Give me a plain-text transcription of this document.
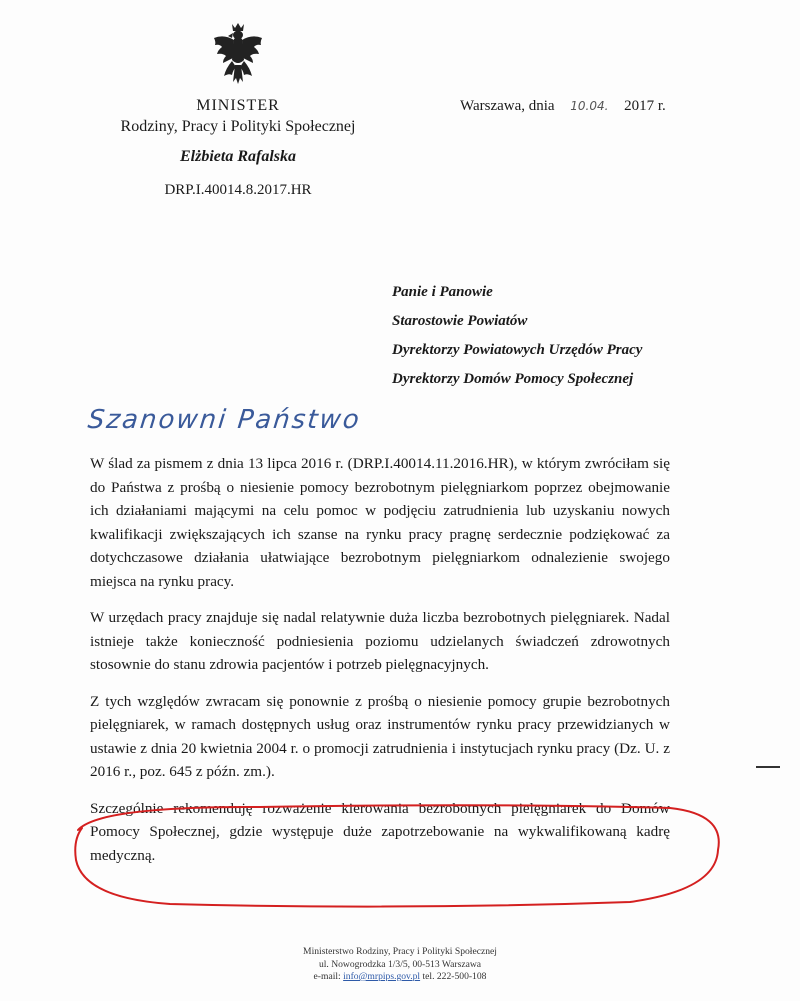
MINISTER
Rodziny, Pracy i Polityki Społecznej
Elżbieta Rafalska
DRP.I.40014.8.2017.HR
Warszawa, dnia 10.04. 2017 r.
Panie i Panowie
Starostowie Powiatów
Dyrektorzy Powiatowych Urzędów Pracy
Dyrektorzy Domów Pomocy Społecznej
Szanowni Państwo

W ślad za pismem z dnia 13 lipca 2016 r. (DRP.I.40014.11.2016.HR), w którym zwróciłam się do Państwa z prośbą o niesienie pomocy bezrobotnym pielęgniarkom poprzez obejmowanie ich działaniami mającymi na celu pomoc w podjęciu zatrudnienia lub uzyskaniu nowych kwalifikacji zwiększających ich szanse na rynku pracy pragnę serdecznie podziękować za dotychczasowe działania ułatwiające bezrobotnym pielęgniarkom odnalezienie swojego miejsca na rynku pracy.

W urzędach pracy znajduje się nadal relatywnie duża liczba bezrobotnych pielęgniarek. Nadal istnieje także konieczność podniesienia poziomu udzielanych świadczeń zdrowotnych stosownie do stanu zdrowia pacjentów i potrzeb pielęgnacyjnych.

Z tych względów zwracam się ponownie z prośbą o niesienie pomocy grupie bezrobotnych pielęgniarek, w ramach dostępnych usług oraz instrumentów rynku pracy przewidzianych w ustawie z dnia 20 kwietnia 2004 r. o promocji zatrudnienia i instytucjach rynku pracy (Dz. U. z 2016 r., poz. 645 z późn. zm.).

Szczególnie rekomenduję rozważenie kierowania bezrobotnych pielęgniarek do Domów Pomocy Społecznej, gdzie występuje duże zapotrzebowanie na wykwalifikowaną kadrę medyczną.

Ministerstwo Rodziny, Pracy i Polityki Społecznej
ul. Nowogrodzka 1/3/5, 00-513 Warszawa
e-mail: info@mrpips.gov.pl tel. 222-500-108
